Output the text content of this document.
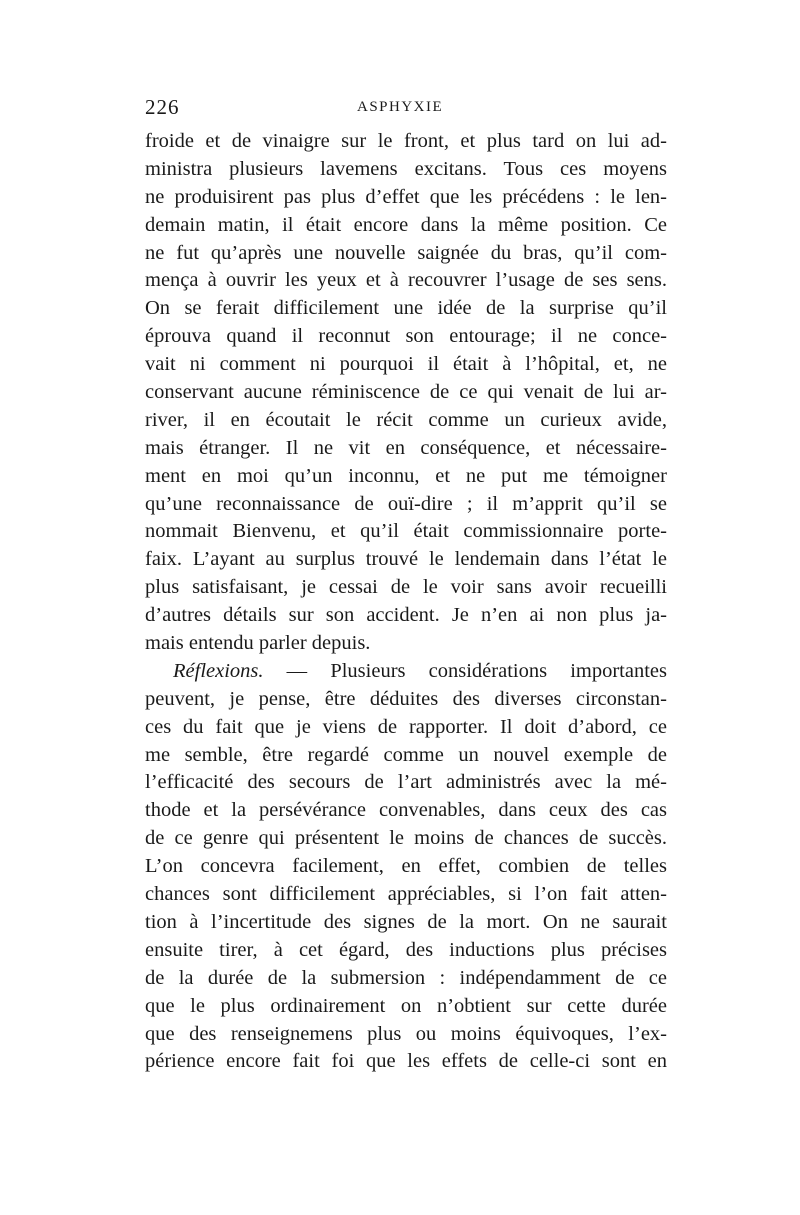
226	ASPHYXIE
froide et de vinaigre sur le front, et plus tard on lui ad-
ministra plusieurs lavemens excitans. Tous ces moyens
ne produisirent pas plus d’effet que les précédens : le len-
demain matin, il était encore dans la même position. Ce
ne fut qu’après une nouvelle saignée du bras, qu’il com-
mença à ouvrir les yeux et à recouvrer l’usage de ses sens.
On se ferait difficilement une idée de la surprise qu’il
éprouva quand il reconnut son entourage; il ne conce-
vait ni comment ni pourquoi il était à l’hôpital, et, ne
conservant aucune réminiscence de ce qui venait de lui ar-
river, il en écoutait le récit comme un curieux avide,
mais étranger. Il ne vit en conséquence, et nécessaire-
ment en moi qu’un inconnu, et ne put me témoigner
qu’une reconnaissance de ouï-dire ; il m’apprit qu’il se
nommait Bienvenu, et qu’il était commissionnaire porte-
faix. L’ayant au surplus trouvé le lendemain dans l’état le
plus satisfaisant, je cessai de le voir sans avoir recueilli
d’autres détails sur son accident. Je n’en ai non plus ja-
mais entendu parler depuis.
Réflexions. — Plusieurs considérations importantes
peuvent, je pense, être déduites des diverses circonstan-
ces du fait que je viens de rapporter. Il doit d’abord, ce
me semble, être regardé comme un nouvel exemple de
l’efficacité des secours de l’art administrés avec la mé-
thode et la persévérance convenables, dans ceux des cas
de ce genre qui présentent le moins de chances de succès.
L’on concevra facilement, en effet, combien de telles
chances sont difficilement appréciables, si l’on fait atten-
tion à l’incertitude des signes de la mort. On ne saurait
ensuite tirer, à cet égard, des inductions plus précises
de la durée de la submersion : indépendamment de ce
que le plus ordinairement on n’obtient sur cette durée
que des renseignemens plus ou moins équivoques, l’ex-
périence encore fait foi que les effets de celle-ci sont en
